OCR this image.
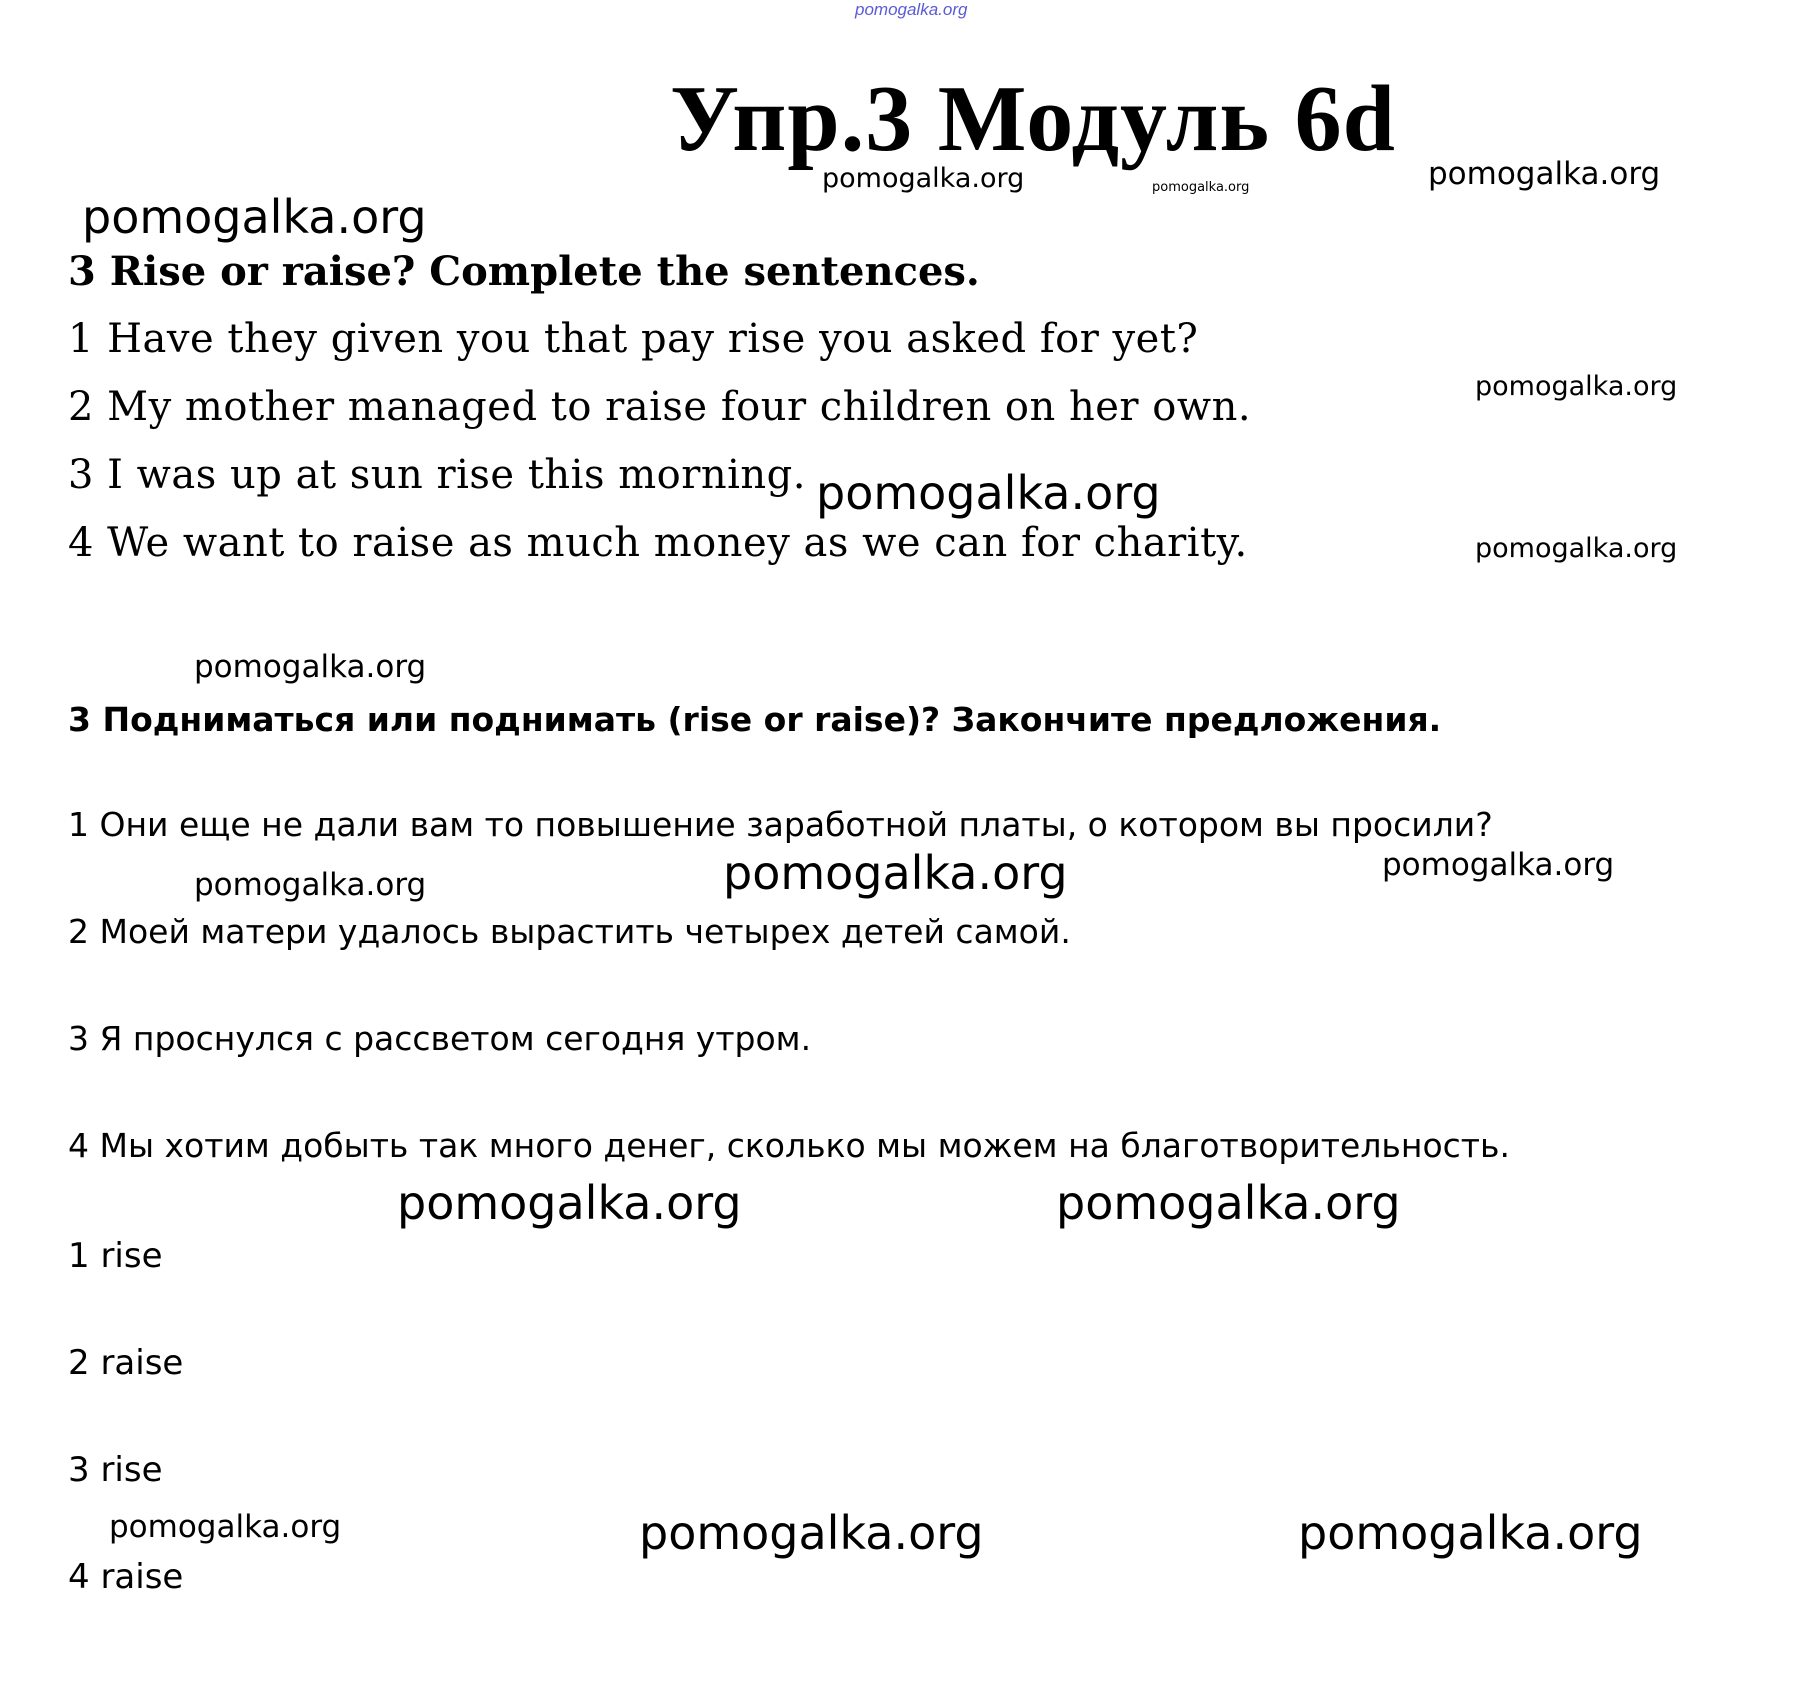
pomogalka.org
Упр.3 Модуль 6d
pomogalka.org	pomogalka.org	pomogalka.org
pomogalka.org
3 Rise or raise? Complete the sentences.
1 Have they given you that pay rise you asked for yet?
2 My mother managed to raise four children on her own.
3 I was up at sun rise this morning.
4 We want to raise as much money as we can for charity.
pomogalka.org
pomogalka.org
pomogalka.org
pomogalka.org
3 Подниматься или поднимать (rise or raise)? Закончите предложения.
1 Они еще не дали вам то повышение заработной платы, о котором вы просили?
pomogalka.org	pomogalka.org	pomogalka.org
2 Моей матери удалось вырастить четырех детей самой.
3 Я проснулся с рассветом сегодня утром.
4 Мы хотим добыть так много денег, сколько мы можем на благотворительность.
pomogalka.org	pomogalka.org
1 rise
2 raise
3 rise
pomogalka.org	pomogalka.org	pomogalka.org
4 raise
